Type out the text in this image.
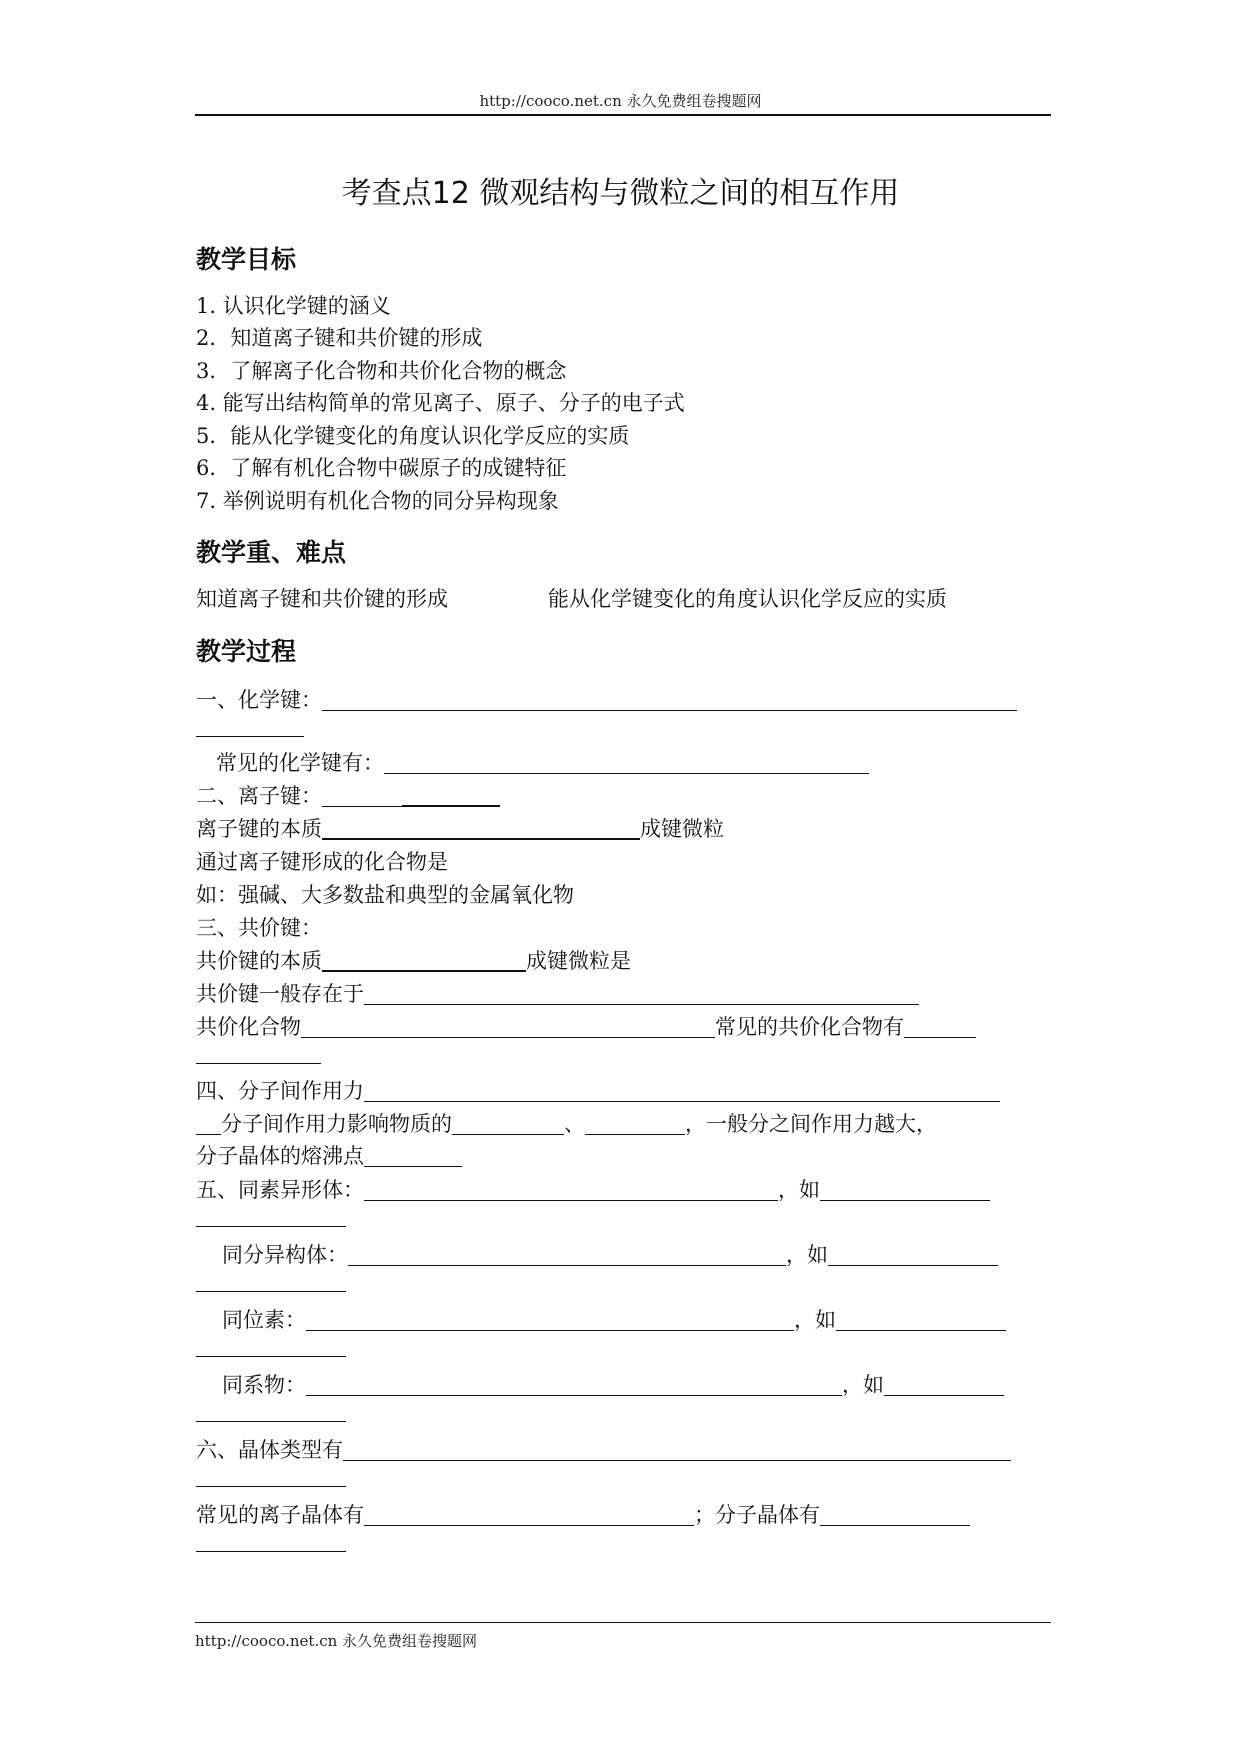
http://cooco.net.cn 永久免费组卷搜题网
考查点12 微观结构与微粒之间的相互作用
教学目标
1. 认识化学键的涵义
2．知道离子键和共价键的形成
3．了解离子化合物和共价化合物的概念
4. 能写出结构简单的常见离子、原子、分子的电子式
5．能从化学键变化的角度认识化学反应的实质
6．了解有机化合物中碳原子的成键特征
7. 举例说明有机化合物的同分异构现象
教学重、难点
知道离子键和共价键的形成	能从化学键变化的角度认识化学反应的实质
教学过程
一、化学键：
常见的化学键有：
二、离子键：
离子键的本质	成键微粒
通过离子键形成的化合物是
如：强碱、大多数盐和典型的金属氧化物
三、共价键：
共价键的本质	成键微粒是
共价键一般存在于
共价化合物	常见的共价化合物有
四、分子间作用力
分子间作用力影响物质的	、	，一般分之间作用力越大，
分子晶体的熔沸点
五、同素异形体：	，如
同分异构体：	，如
同位素：	，如
同系物：	，如
六、晶体类型有
常见的离子晶体有	；分子晶体有
http://cooco.net.cn 永久免费组卷搜题网
